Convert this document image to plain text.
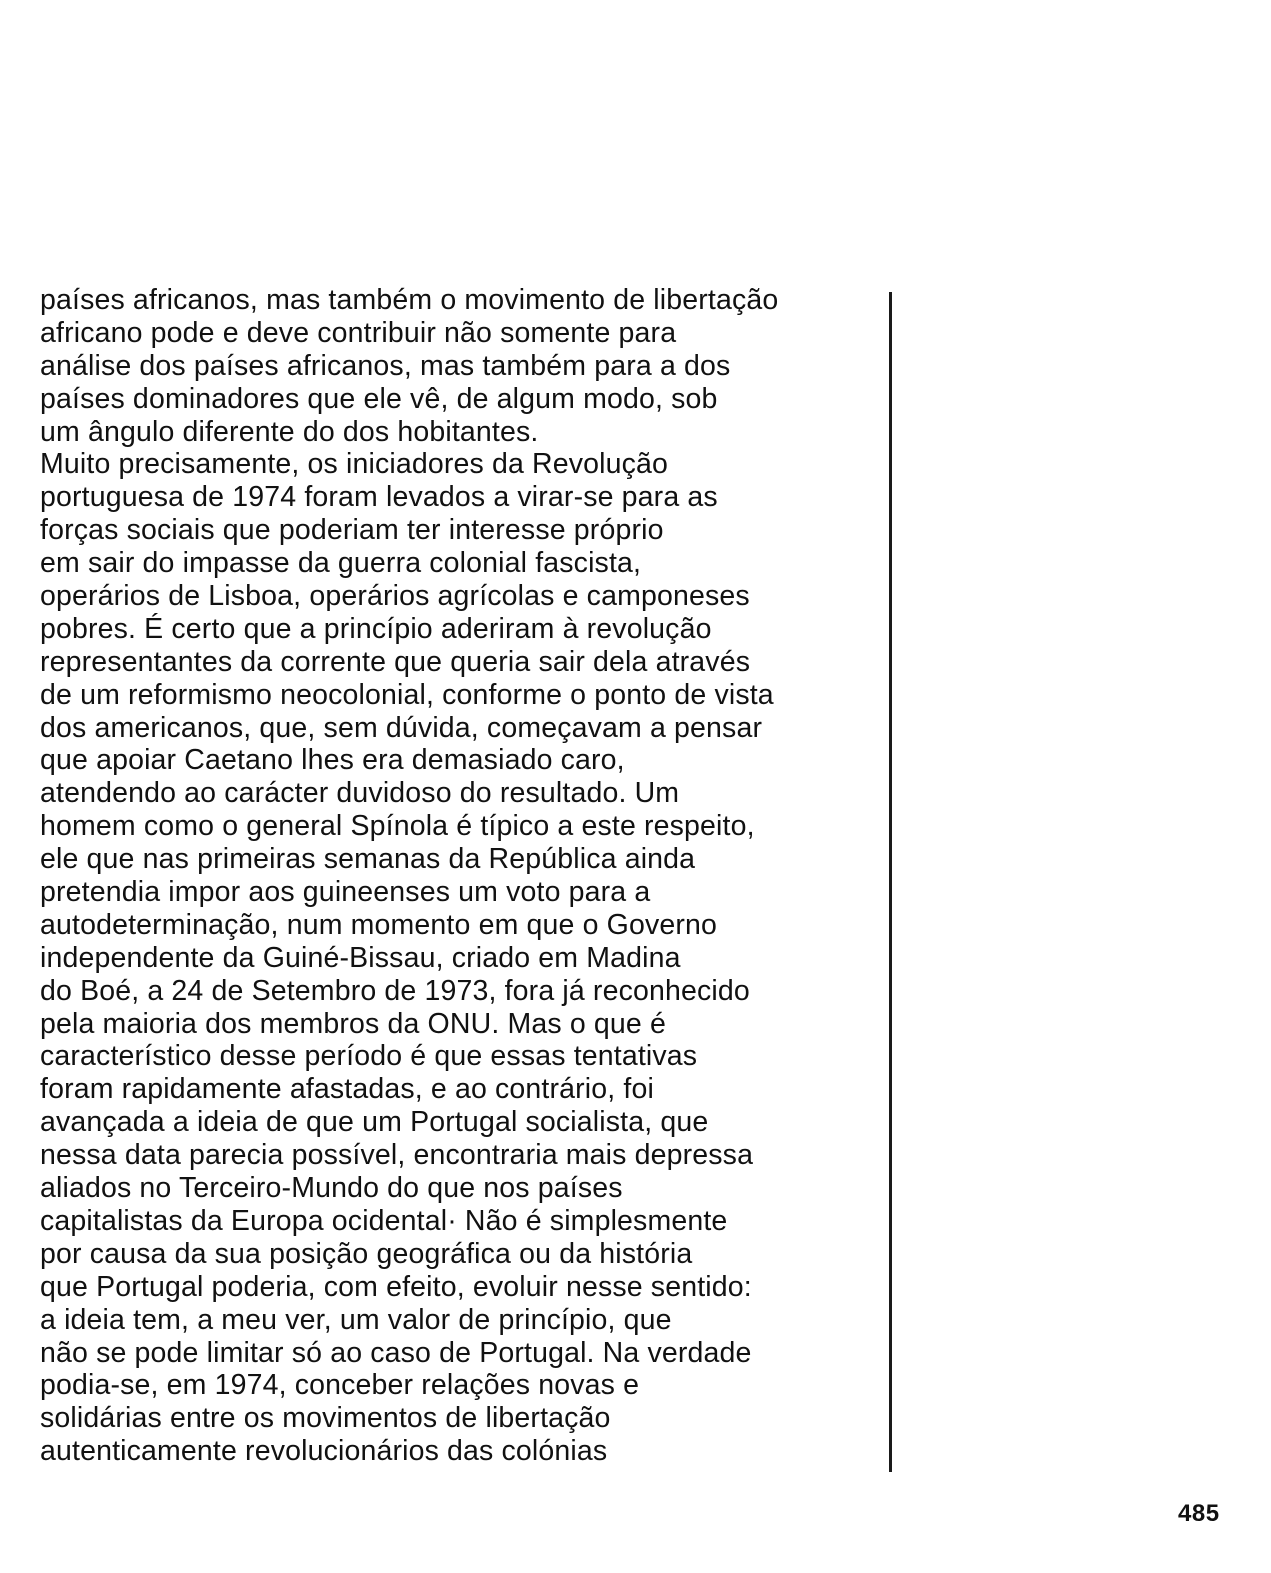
países africanos, mas também o movimento de libertação
africano pode e deve contribuir não somente para
análise dos países africanos, mas também para a dos
países dominadores que ele vê, de algum modo, sob
um ângulo diferente do dos hobitantes.
Muito precisamente, os iniciadores da Revolução
portuguesa de 1974 foram levados a virar-se para as
forças sociais que poderiam ter interesse próprio
em sair do impasse da guerra colonial fascista,
operários de Lisboa, operários agrícolas e camponeses
pobres. É certo que a princípio aderiram à revolução
representantes da corrente que queria sair dela através
de um reformismo neocolonial, conforme o ponto de vista
dos americanos, que, sem dúvida, começavam a pensar
que apoiar Caetano lhes era demasiado caro,
atendendo ao carácter duvidoso do resultado. Um
homem como o general Spínola é típico a este respeito,
ele que nas primeiras semanas da República ainda
pretendia impor aos guineenses um voto para a
autodeterminação, num momento em que o Governo
independente da Guiné-Bissau, criado em Madina
do Boé, a 24 de Setembro de 1973, fora já reconhecido
pela maioria dos membros da ONU. Mas o que é
característico desse período é que essas tentativas
foram rapidamente afastadas, e ao contrário, foi
avançada a ideia de que um Portugal socialista, que
nessa data parecia possível, encontraria mais depressa
aliados no Terceiro-Mundo do que nos países
capitalistas da Europa ocidental· Não é simplesmente
por causa da sua posição geográfica ou da história
que Portugal poderia, com efeito, evoluir nesse sentido:
a ideia tem, a meu ver, um valor de princípio, que
não se pode limitar só ao caso de Portugal. Na verdade
podia-se, em 1974, conceber relações novas e
solidárias entre os movimentos de libertação
autenticamente revolucionários das colónias
485
